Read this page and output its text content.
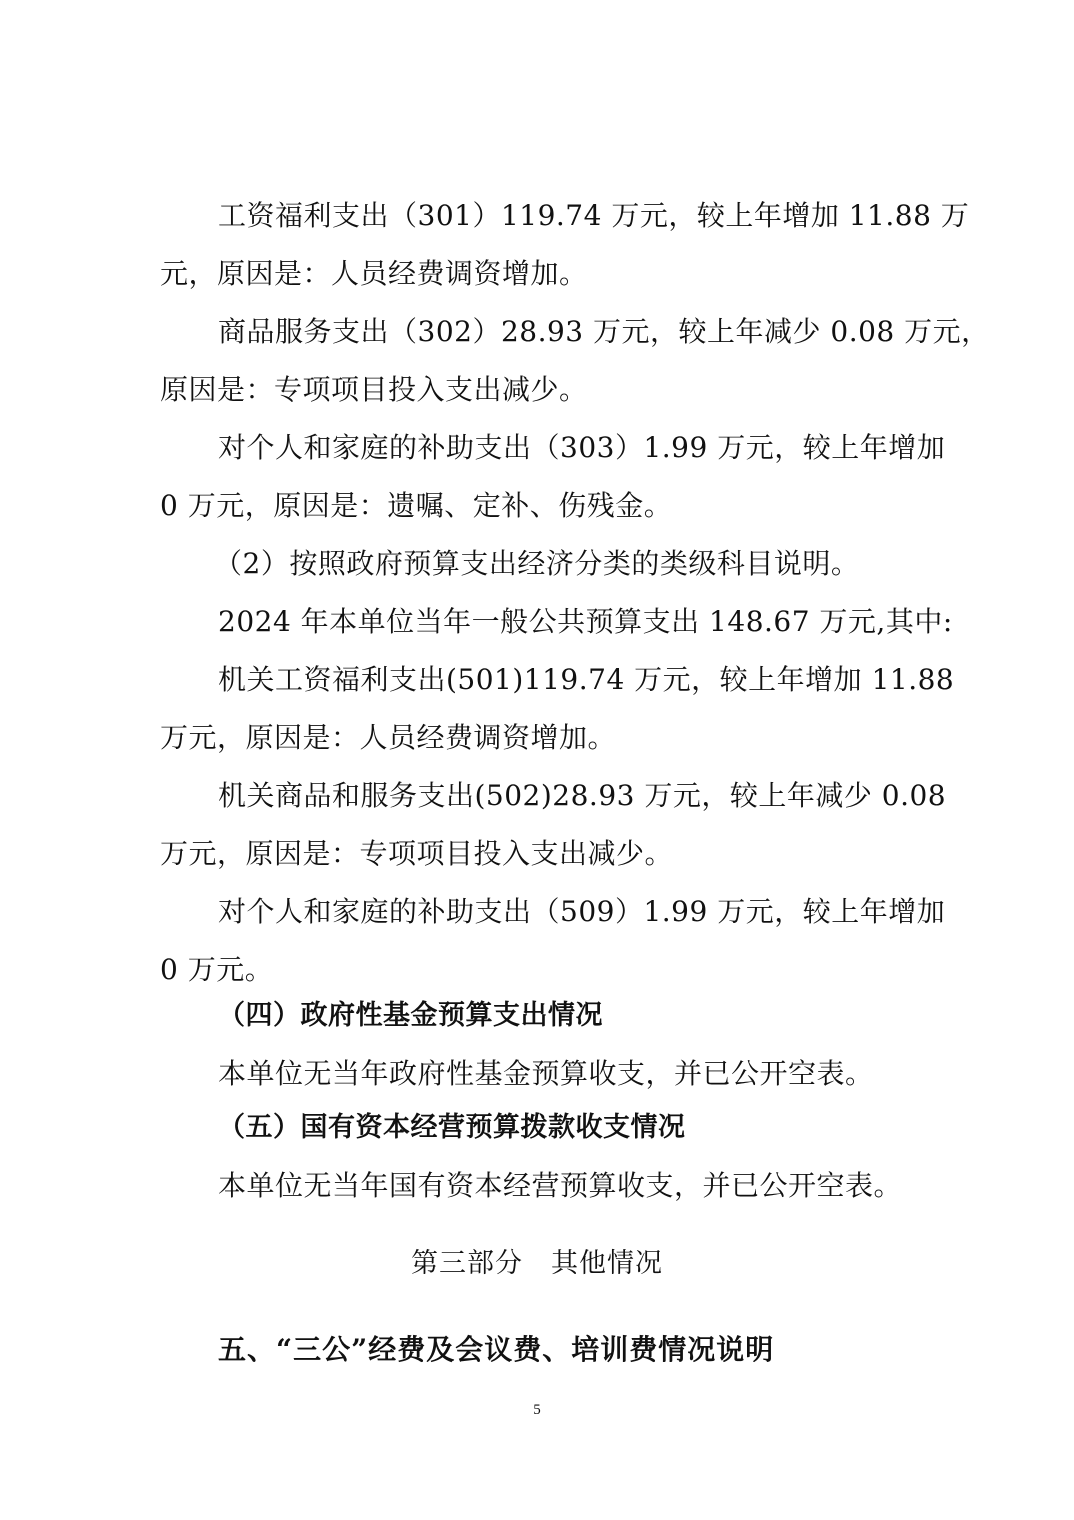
工资福利支出（301）119.74 万元，较上年增加 11.88 万
元，原因是：人员经费调资增加。
商品服务支出（302）28.93 万元，较上年减少 0.08 万元，
原因是：专项项目投入支出减少。
对个人和家庭的补助支出（303）1.99 万元，较上年增加
0 万元，原因是：遗嘱、定补、伤残金。
（2）按照政府预算支出经济分类的类级科目说明。
2024 年本单位当年一般公共预算支出 148.67 万元,其中:
机关工资福利支出(501)119.74 万元，较上年增加 11.88
万元，原因是：人员经费调资增加。
机关商品和服务支出(502)28.93 万元，较上年减少 0.08
万元，原因是：专项项目投入支出减少。
对个人和家庭的补助支出（509）1.99 万元，较上年增加
0 万元。
（四）政府性基金预算支出情况
本单位无当年政府性基金预算收支，并已公开空表。
（五）国有资本经营预算拨款收支情况
本单位无当年国有资本经营预算收支，并已公开空表。
第三部分　其他情况
五、“三公”经费及会议费、培训费情况说明
5
